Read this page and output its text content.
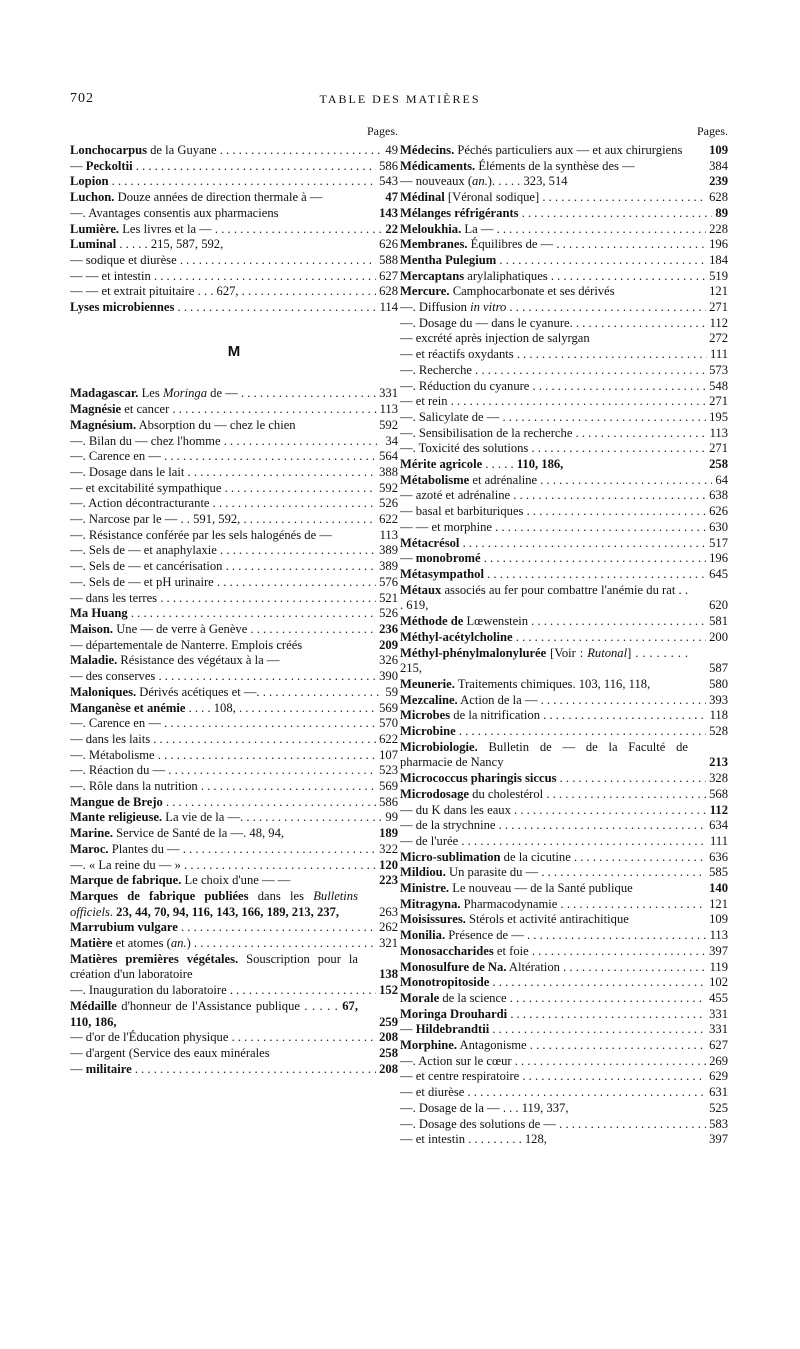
702	TABLE DES MATIÈRES
Pages.
Lonchocarpus de la Guyane . . .	49
— Peckoltii . . .	586
Lopion . . .	543
Luchon. Douze années de direction thermale à —	47
—. Avantages consentis aux pharmaciens	143
Lumière. Les livres et la — . . .	22
Luminal . . . . . 215, 587, 592,	626
— sodique et diurèse . . .	588
— — et intestin . . .	627
— — et extrait pituitaire . . . 627, . . .	628
Lyses microbiennes . . .	114
M
Madagascar. Les Moringa de — . . .	331
Magnésie et cancer . . .	113
Magnésium. Absorption du — chez le chien	592
—. Bilan du — chez l'homme . . .	34
—. Carence en — . . .	564
—. Dosage dans le lait . . .	388
— et excitabilité sympathique . . .	592
—. Action décontracturante . . .	526
—. Narcose par le — . . 591, 592, . . .	622
—. Résistance conférée par les sels halogénés de —	113
—. Sels de — et anaphylaxie . . .	389
—. Sels de — et cancérisation . . .	389
—. Sels de — et pH urinaire . . .	576
— dans les terres . . .	521
Ma Huang . . .	526
Maison. Une — de verre à Genève . . .	236
— départementale de Nanterre. Emplois créés	209
Maladie. Résistance des végétaux à la —	326
— des conserves . . .	390
Maloniques. Dérivés acétiques et —. . . .	59
Manganèse et anémie . . . . 108, . . .	569
—. Carence en — . . .	570
— dans les laits . . .	622
—. Métabolisme . . .	107
—. Réaction du — . . .	523
—. Rôle dans la nutrition . . .	569
Mangue de Brejo . . .	586
Mante religieuse. La vie de la —. . . .	99
Marine. Service de Santé de la —. 48, 94,	189
Maroc. Plantes du — . . .	322
—. « La reine du — » . . .	120
Marque de fabrique. Le choix d'une — —	223
Marques de fabrique publiées dans les Bulletins officiels. 23, 44, 70, 94, 116, 143, 166, 189, 213, 237,	263
Marrubium vulgare . . .	262
Matière et atomes (an.) . . .	321
Matières premières végétales. Souscription pour la création d'un laboratoire	138
—. Inauguration du laboratoire . . .	152
Médaille d'honneur de l'Assistance publique . . . . . 67, 110, 186,	259
— d'or de l'Éducation physique . . .	208
— d'argent (Service des eaux minérales	258
— militaire . . .	208
Pages.
Médecins. Péchés particuliers aux — et aux chirurgiens 109
Médicaments. Éléments de la synthèse des —	384
— nouveaux (an.). . . . . 323, 514	239
Médinal [Véronal sodique] . . .	628
Mélanges réfrigérants . . .	89
Meloukhia. La — . . .	228
Membranes. Équilibres de — . . .	196
Mentha Pulegium . . .	184
Mercaptans arylaliphatiques . . .	519
Mercure. Camphocarbonate et ses dérivés	121
—. Diffusion in vitro . . .	271
—. Dosage du — dans le cyanure. . . .	112
— excrété après injection de salyrgan	272
— et réactifs oxydants . . .	111
—. Recherche . . .	573
—. Réduction du cyanure . . .	548
— et rein . . .	271
—. Salicylate de — . . .	195
—. Sensibilisation de la recherche . . .	113
—. Toxicité des solutions . . .	271
Mérite agricole . . . . . 110, 186,	258
Métabolisme et adrénaline . . .	64
— azoté et adrénaline . . .	638
— basal et barbituriques . . .	626
— — et morphine . . .	630
Métacrésol . . .	517
— monobromé . . .	196
Métasympathol . . .	645
Métaux associés au fer pour combattre l'anémie du rat . . . 619,	620
Méthode de Lœwenstein . . .	581
Méthyl-acétylcholine . . .	200
Méthyl-phénylmalonylurée [Voir : Rutonal] . . . . . . . . 215,	587
Meunerie. Traitements chimiques. 103, 116, 118,	580
Mezcaline. Action de la — . . .	393
Microbes de la nitrification . . .	118
Microbine . . .	528
Microbiologie. Bulletin de — de la Faculté de pharmacie de Nancy	213
Micrococcus pharingis siccus . . .	328
Microdosage du cholestérol . . .	568
— du K dans les eaux . . .	112
— de la strychnine . . .	634
— de l'urée . . .	111
Micro-sublimation de la cicutine . . .	636
Mildiou. Un parasite du — . . .	585
Ministre. Le nouveau — de la Santé publique	140
Mitragyna. Pharmacodynamie . . .	121
Moisissures. Stérols et activité antirachitique	109
Monilia. Présence de — . . .	113
Monosaccharides et foie . . .	397
Monosulfure de Na. Altération . . .	119
Monotropitoside . . .	102
Morale de la science . . .	455
Moringa Drouhardi . . .	331
— Hildebrandtii . . .	331
Morphine. Antagonisme . . .	627
—. Action sur le cœur . . .	269
— et centre respiratoire . . .	629
— et diurèse . . .	631
—. Dosage de la — . . . 119, 337,	525
—. Dosage des solutions de — . . .	583
— et intestin . . . . . . . . . 128,	397
